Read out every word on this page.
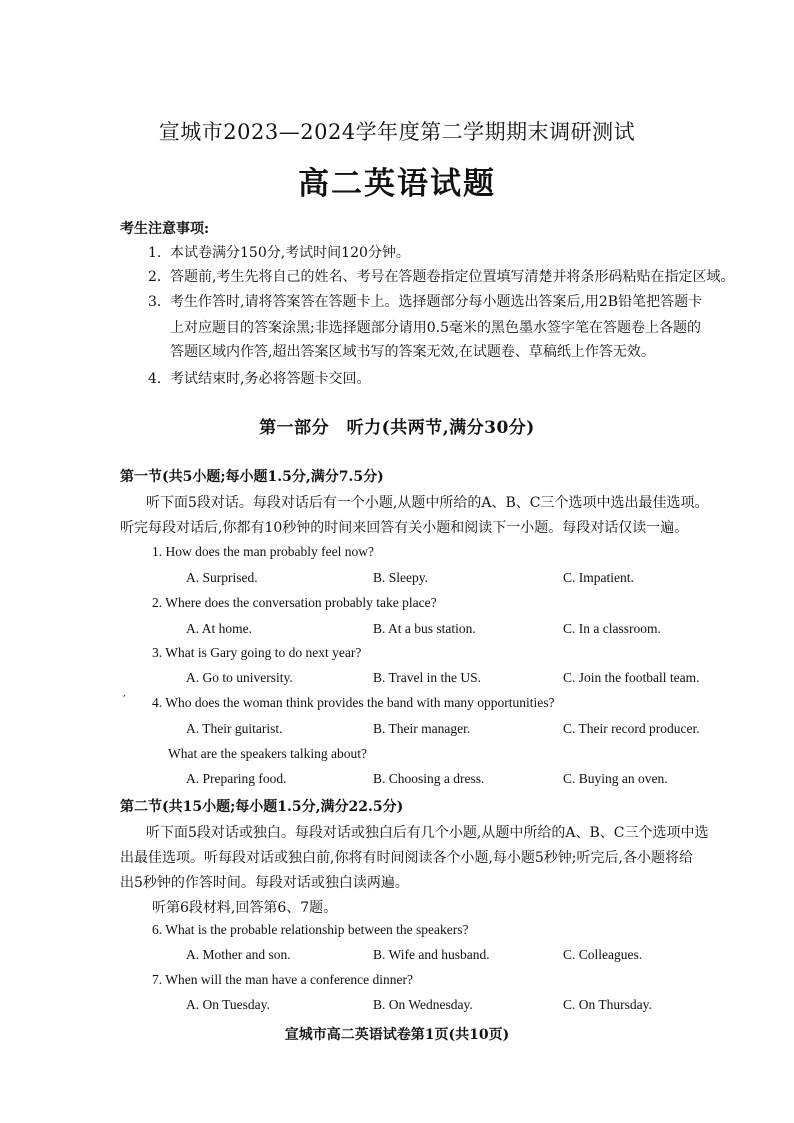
宣城市2023—2024学年度第二学期期末调研测试
高二英语试题
考生注意事项:
1. 本试卷满分150分,考试时间120分钟。
2. 答题前,考生先将自己的姓名、考号在答题卷指定位置填写清楚并将条形码粘贴在指定区域。
3. 考生作答时,请将答案答在答题卡上。选择题部分每小题选出答案后,用2B铅笔把答题卡
上对应题目的答案涂黑;非选择题部分请用0.5毫米的黑色墨水签字笔在答题卷上各题的
答题区域内作答,超出答案区域书写的答案无效,在试题卷、草稿纸上作答无效。
4. 考试结束时,务必将答题卡交回。
第一部分　听力(共两节,满分30分)
第一节(共5小题;每小题1.5分,满分7.5分)
听下面5段对话。每段对话后有一个小题,从题中所给的A、B、C三个选项中选出最佳选项。
听完每段对话后,你都有10秒钟的时间来回答有关小题和阅读下一小题。每段对话仅读一遍。
1. How does the man probably feel now?
A. Surprised.	B. Sleepy.	C. Impatient.
2. Where does the conversation probably take place?
A. At home.	B. At a bus station.	C. In a classroom.
3. What is Gary going to do next year?
A. Go to university.	B. Travel in the US.	C. Join the football team.
′ 4. Who does the woman think provides the band with many opportunities?
A. Their guitarist.	B. Their manager.	C. Their record producer.
What are the speakers talking about?
A. Preparing food.	B. Choosing a dress.	C. Buying an oven.
第二节(共15小题;每小题1.5分,满分22.5分)
听下面5段对话或独白。每段对话或独白后有几个小题,从题中所给的A、B、C三个选项中选
出最佳选项。听每段对话或独白前,你将有时间阅读各个小题,每小题5秒钟;听完后,各小题将给
出5秒钟的作答时间。每段对话或独白读两遍。
听第6段材料,回答第6、7题。
6. What is the probable relationship between the speakers?
A. Mother and son.	B. Wife and husband.	C. Colleagues.
7. When will the man have a conference dinner?
A. On Tuesday.	B. On Wednesday.	C. On Thursday.
宣城市高二英语试卷第1页(共10页)
